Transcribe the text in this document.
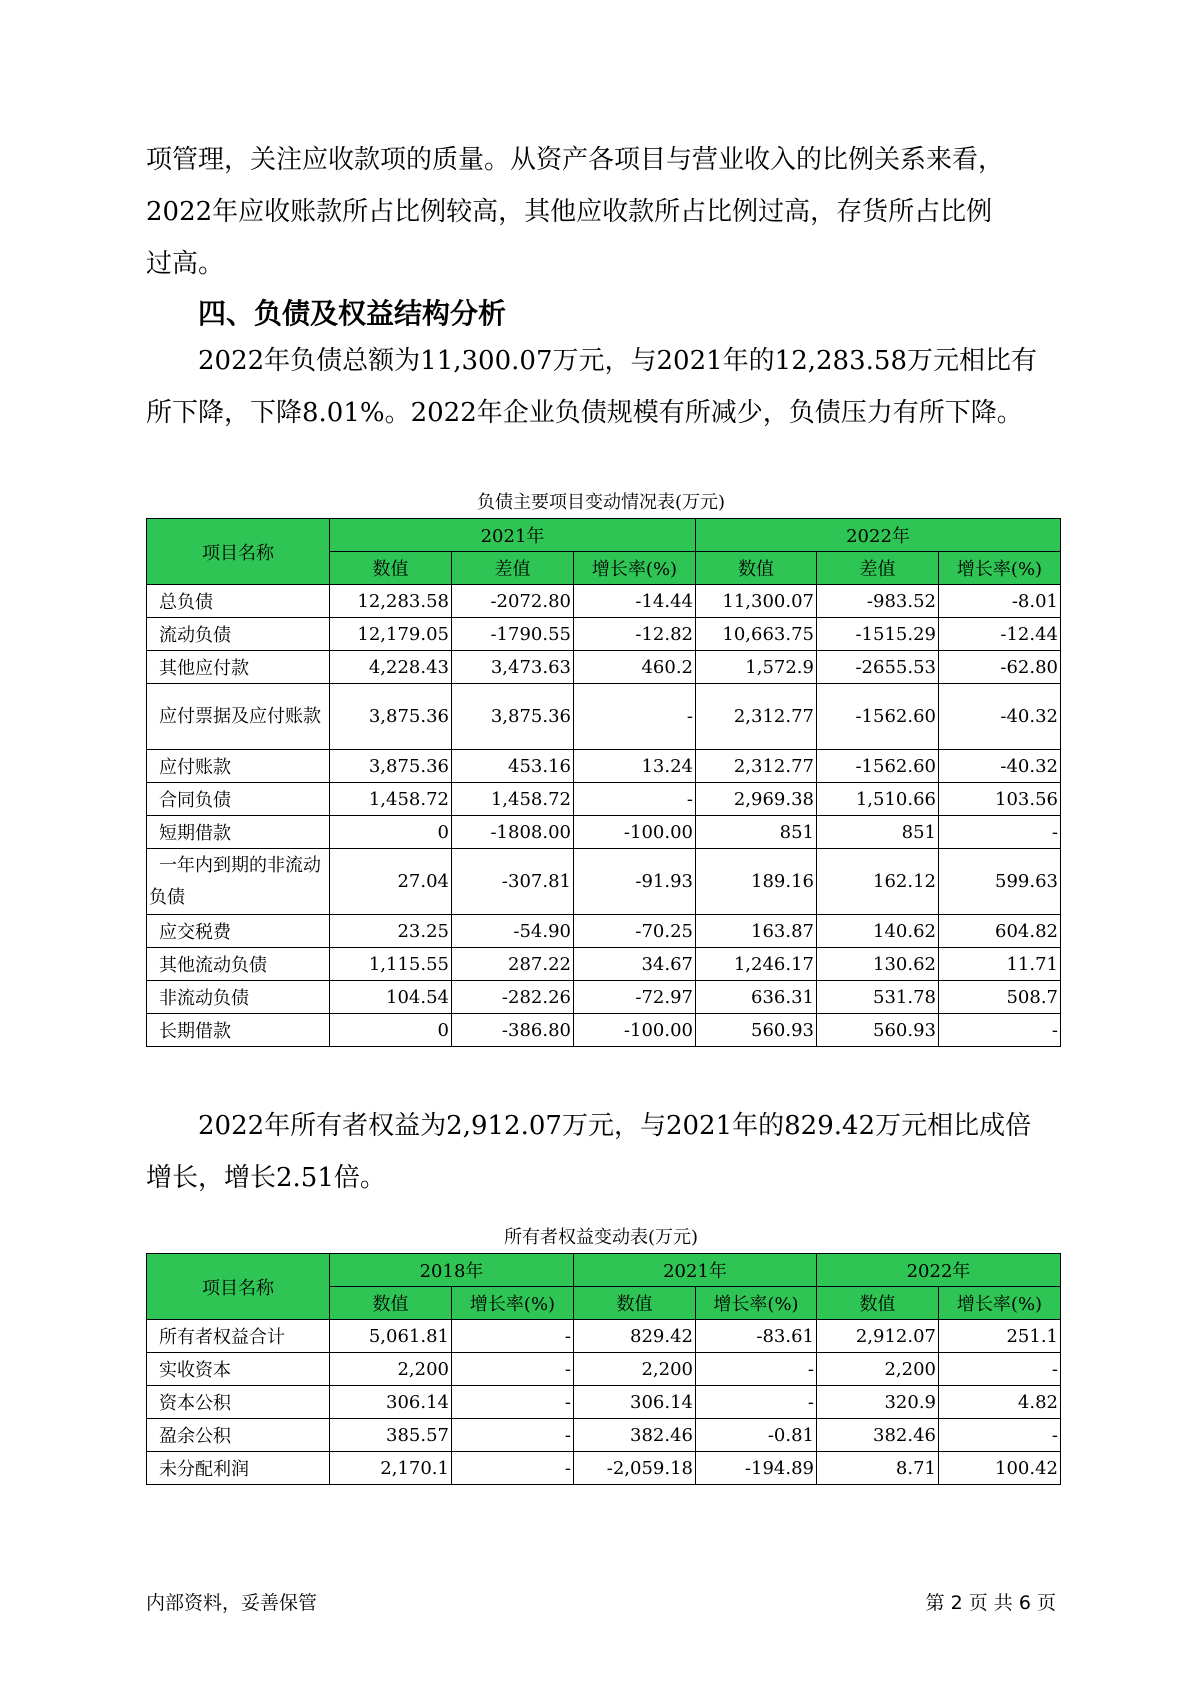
项管理，关注应收款项的质量。从资产各项目与营业收入的比例关系来看，
2022年应收账款所占比例较高，其他应收款所占比例过高，存货所占比例
过高。

四、负债及权益结构分析

2022年负债总额为11,300.07万元，与2021年的12,283.58万元相比有
所下降，下降8.01%。2022年企业负债规模有所减少，负债压力有所下降。

负债主要项目变动情况表(万元)
项目名称	2021年			2022年		
	数值	差值	增长率(%)	数值	差值	增长率(%)
总负债	12,283.58	-2072.80	-14.44	11,300.07	-983.52	-8.01
流动负债	12,179.05	-1790.55	-12.82	10,663.75	-1515.29	-12.44
其他应付款	4,228.43	3,473.63	460.2	1,572.9	-2655.53	-62.80
应付票据及应付账款	3,875.36	3,875.36	-	2,312.77	-1562.60	-40.32
应付账款	3,875.36	453.16	13.24	2,312.77	-1562.60	-40.32
合同负债	1,458.72	1,458.72	-	2,969.38	1,510.66	103.56
短期借款	0	-1808.00	-100.00	851	851	-
一年内到期的非流动负债	27.04	-307.81	-91.93	189.16	162.12	599.63
应交税费	23.25	-54.90	-70.25	163.87	140.62	604.82
其他流动负债	1,115.55	287.22	34.67	1,246.17	130.62	11.71
非流动负债	104.54	-282.26	-72.97	636.31	531.78	508.7
长期借款	0	-386.80	-100.00	560.93	560.93	-

2022年所有者权益为2,912.07万元，与2021年的829.42万元相比成倍
增长，增长2.51倍。

所有者权益变动表(万元)
项目名称	2018年		2021年		2022年	
	数值	增长率(%)	数值	增长率(%)	数值	增长率(%)
所有者权益合计	5,061.81	-	829.42	-83.61	2,912.07	251.1
实收资本	2,200	-	2,200	-	2,200	-
资本公积	306.14	-	306.14	-	320.9	4.82
盈余公积	385.57	-	382.46	-0.81	382.46	-
未分配利润	2,170.1	-	-2,059.18	-194.89	8.71	100.42
内部资料，妥善保管	第 2 页 共 6 页
